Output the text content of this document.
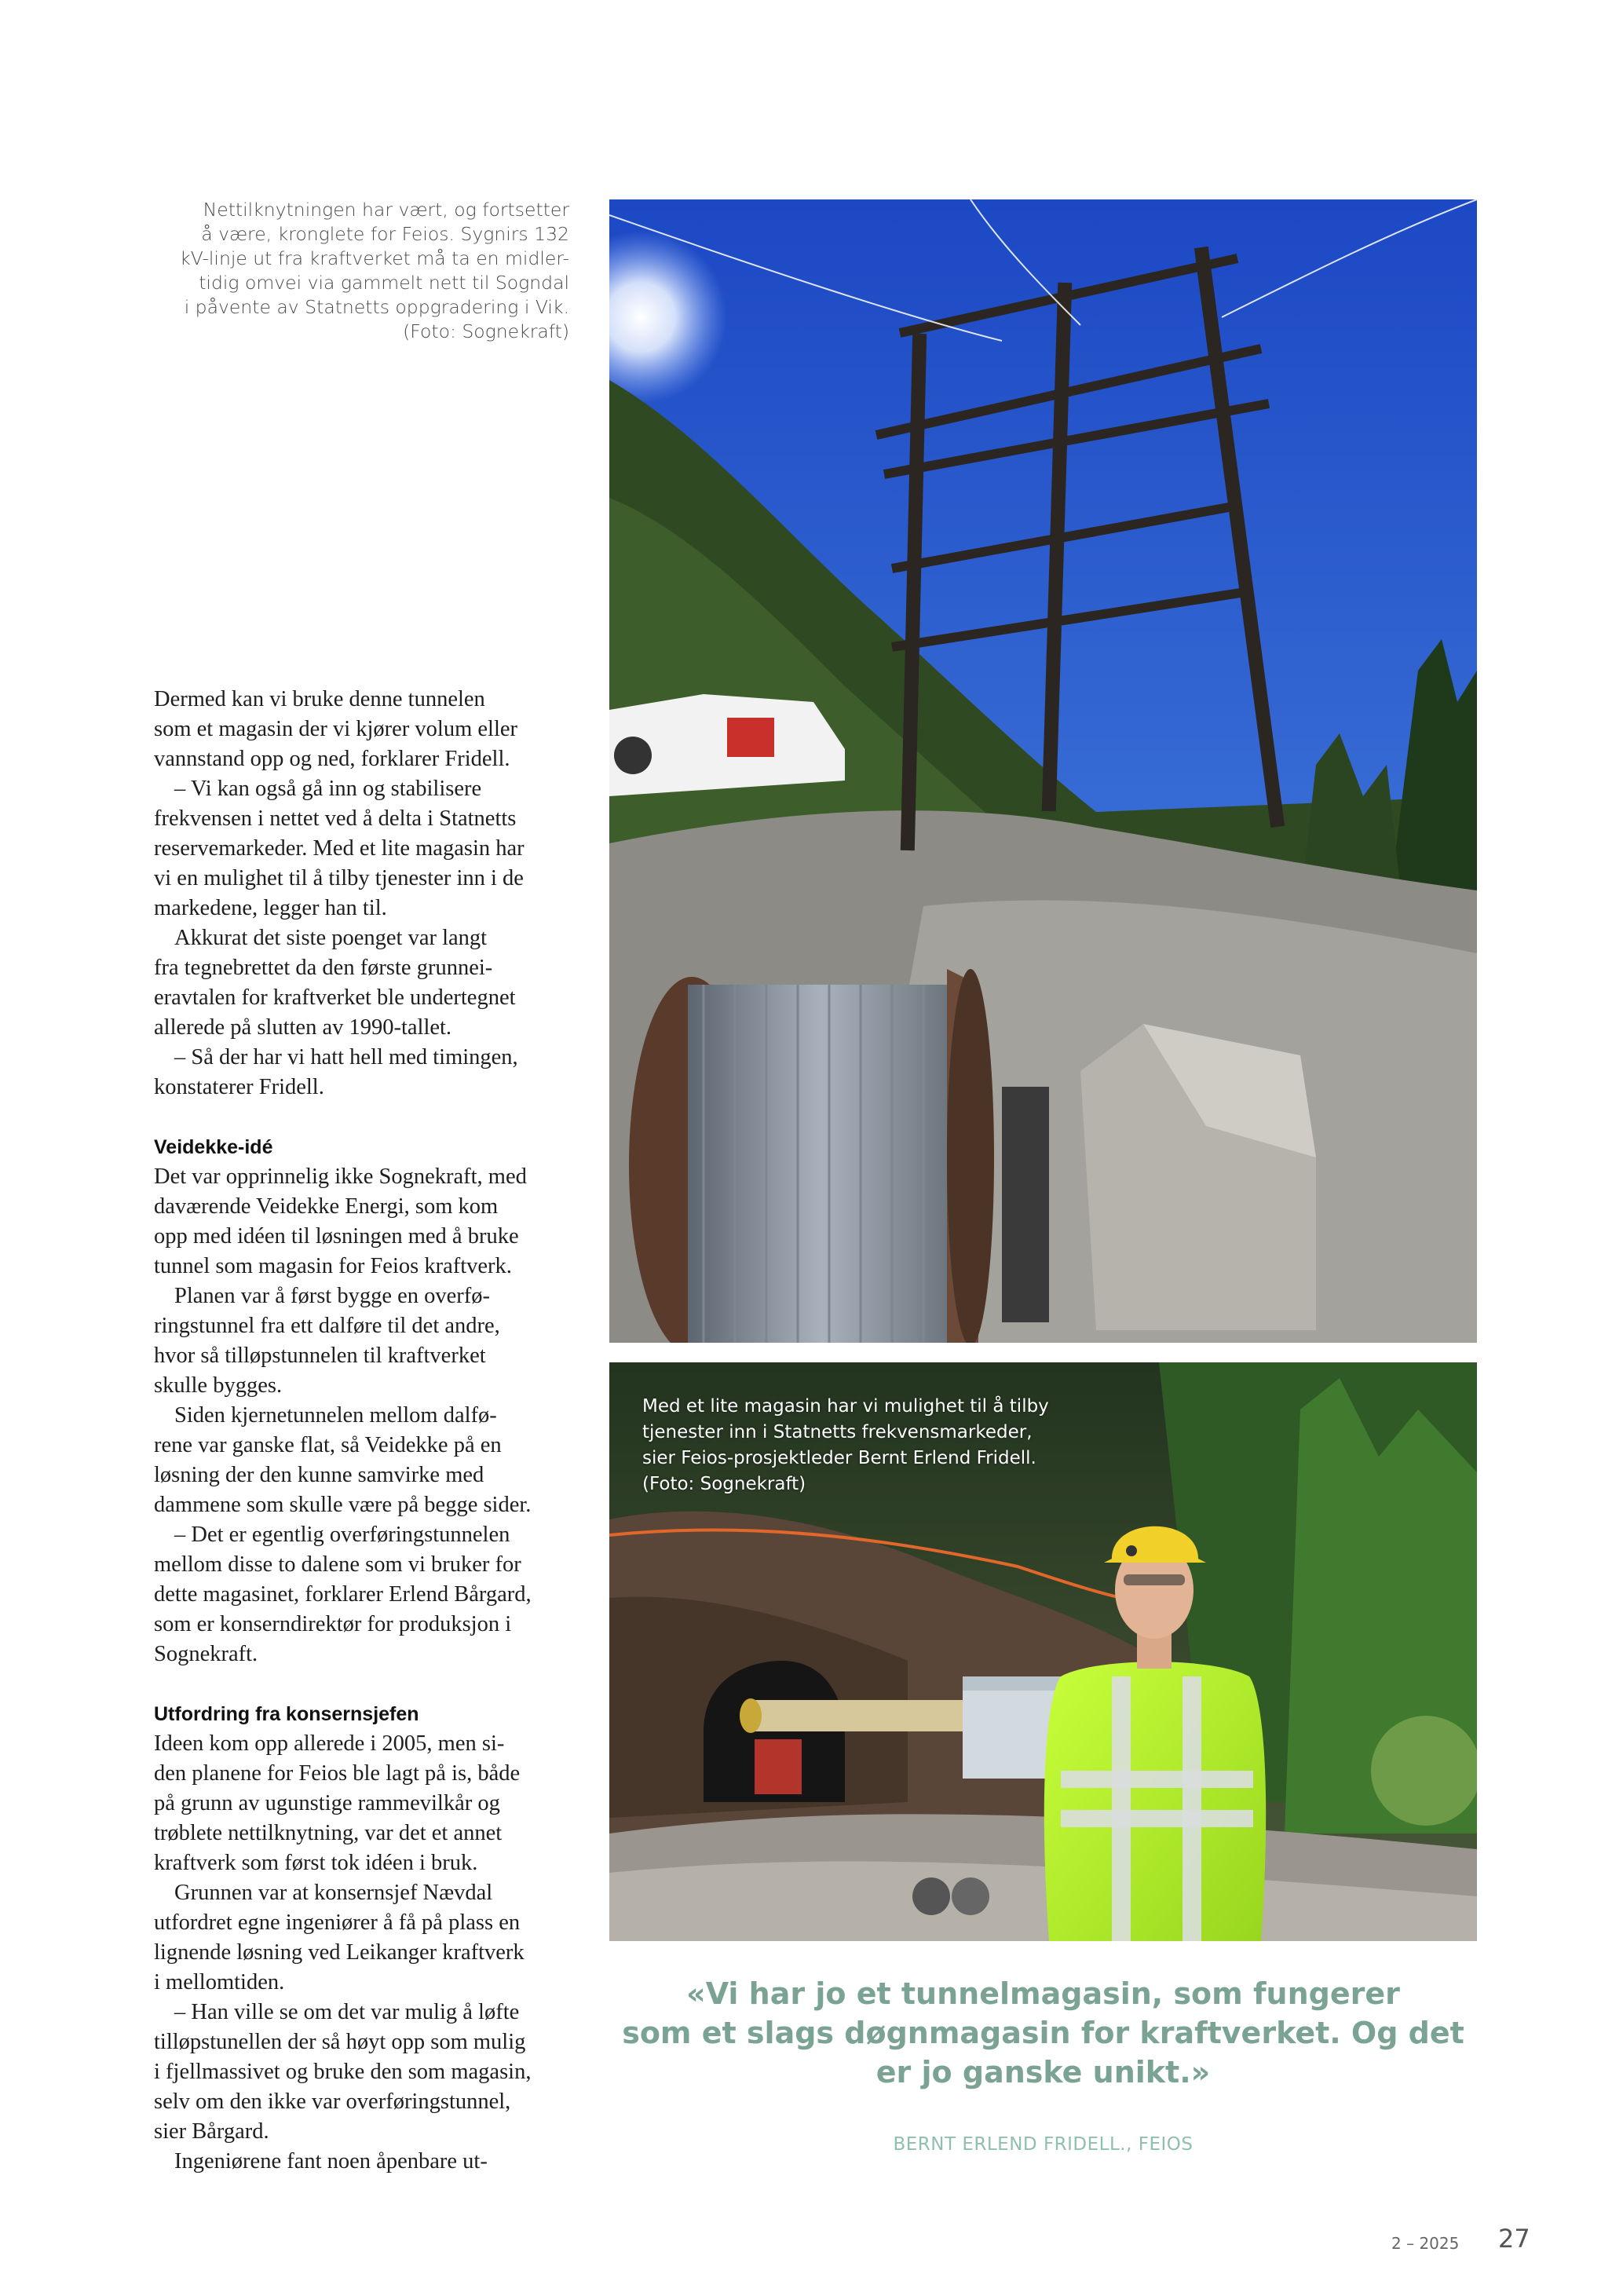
Nettilknytningen har vært, og fortsetter
å være, kronglete for Feios. Sygnirs 132
kV-linje ut fra kraftverket må ta en midler-
tidig omvei via gammelt nett til Sogndal
i påvente av Statnetts oppgradering i Vik.
(Foto: Sognekraft)
Med et lite magasin har vi mulighet til å tilby
tjenester inn i Statnetts frekvensmarkeder,
sier Feios-prosjektleder Bernt Erlend Fridell.
(Foto: Sognekraft)
Dermed kan vi bruke denne tunnelen
som et magasin der vi kjører volum eller
vannstand opp og ned, forklarer Fridell.
– Vi kan også gå inn og stabilisere
frekvensen i nettet ved å delta i Statnetts
reservemarkeder. Med et lite magasin har
vi en mulighet til å tilby tjenester inn i de
markedene, legger han til.
Akkurat det siste poenget var langt
fra tegnebrettet da den første grunnei-
eravtalen for kraftverket ble undertegnet
allerede på slutten av 1990-tallet.
– Så der har vi hatt hell med timingen,
konstaterer Fridell.
Veidekke-idé
Det var opprinnelig ikke Sognekraft, med
daværende Veidekke Energi, som kom
opp med idéen til løsningen med å bruke
tunnel som magasin for Feios kraftverk.
Planen var å først bygge en overfø-
ringstunnel fra ett dalføre til det andre,
hvor så tilløpstunnelen til kraftverket
skulle bygges.
Siden kjernetunnelen mellom dalfø-
rene var ganske flat, så Veidekke på en
løsning der den kunne samvirke med
dammene som skulle være på begge sider.
– Det er egentlig overføringstunnelen
mellom disse to dalene som vi bruker for
dette magasinet, forklarer Erlend Bårgard,
som er konserndirektør for produksjon i
Sognekraft.
Utfordring fra konsernsjefen
Ideen kom opp allerede i 2005, men si-
den planene for Feios ble lagt på is, både
på grunn av ugunstige rammevilkår og
trøblete nettilknytning, var det et annet
kraftverk som først tok idéen i bruk.
Grunnen var at konsernsjef Nævdal
utfordret egne ingeniører å få på plass en
lignende løsning ved Leikanger kraftverk
i mellomtiden.
– Han ville se om det var mulig å løfte
tilløpstunellen der så høyt opp som mulig
i fjellmassivet og bruke den som magasin,
selv om den ikke var overføringstunnel,
sier Bårgard.
Ingeniørene fant noen åpenbare ut-
«Vi har jo et tunnelmagasin, som fungerer
som et slags døgnmagasin for kraftverket. Og det
er jo ganske unikt.»
BERNT ERLEND FRIDELL., FEIOS
2 – 2025 27
